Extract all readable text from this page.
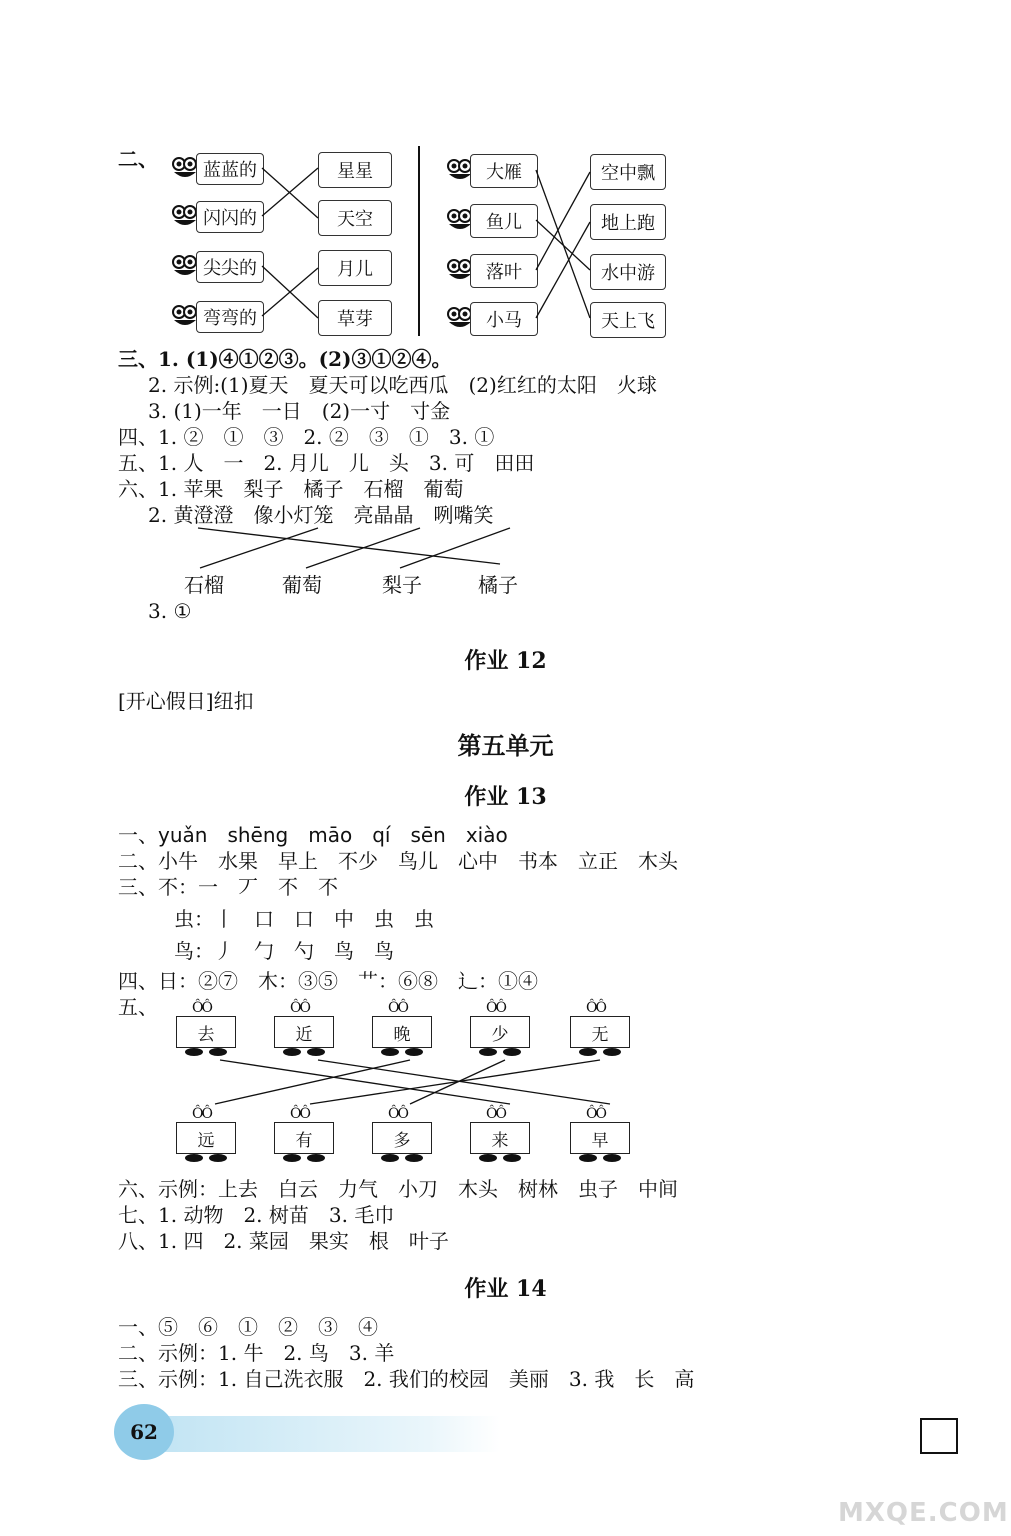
二、	蓝蓝的
闪闪的
尖尖的
弯弯的
星星
天空
月儿
草芽
大雁
鱼儿
落叶
小马
空中飘
地上跑
水中游
天上飞
三、1. (1)④①②③。(2)③①②④。
2. 示例:(1)夏天　夏天可以吃西瓜　(2)红红的太阳　火球
3. (1)一年　一日　(2)一寸　寸金
四、1. ②　①　③　2. ②　③　①　3. ①
五、1. 人　一　2. 月儿　儿　头　3. 可　田田
六、1. 苹果　梨子　橘子　石榴　葡萄
2. 黄澄澄　像小灯笼　亮晶晶　咧嘴笑
石榴	葡萄	梨子	橘子
3. ①
作业 12
[开心假日]纽扣
第五单元
作业 13
一、yuǎn　shēng　māo　qí　sēn　xiào
二、小牛　水果　早上　不少　鸟儿　心中　书本　立正　木头
三、不：一　丆　不　不
虫：丨　口　口　中　虫　虫
鸟：丿　勹　勺　鸟　鸟
四、日：②⑦　木：③⑤　艹：⑥⑧　辶：①④
五、 ÔÔ
去
ÔÔ
近
ÔÔ
晚
ÔÔ
少
ÔÔ
无
ÔÔ
远
ÔÔ
有
ÔÔ
多
ÔÔ
来
ÔÔ
早
六、示例：上去　白云　力气　小刀　木头　树林　虫子　中间
七、1. 动物　2. 树苗　3. 毛巾
八、1. 四　2. 菜园　果实　根　叶子
作业 14
一、⑤　⑥　①　②　③　④
二、示例：1. 牛　2. 鸟　3. 羊
三、示例：1. 自己洗衣服　2. 我们的校园　美丽　3. 我　长　高
62
MXQE.COM
